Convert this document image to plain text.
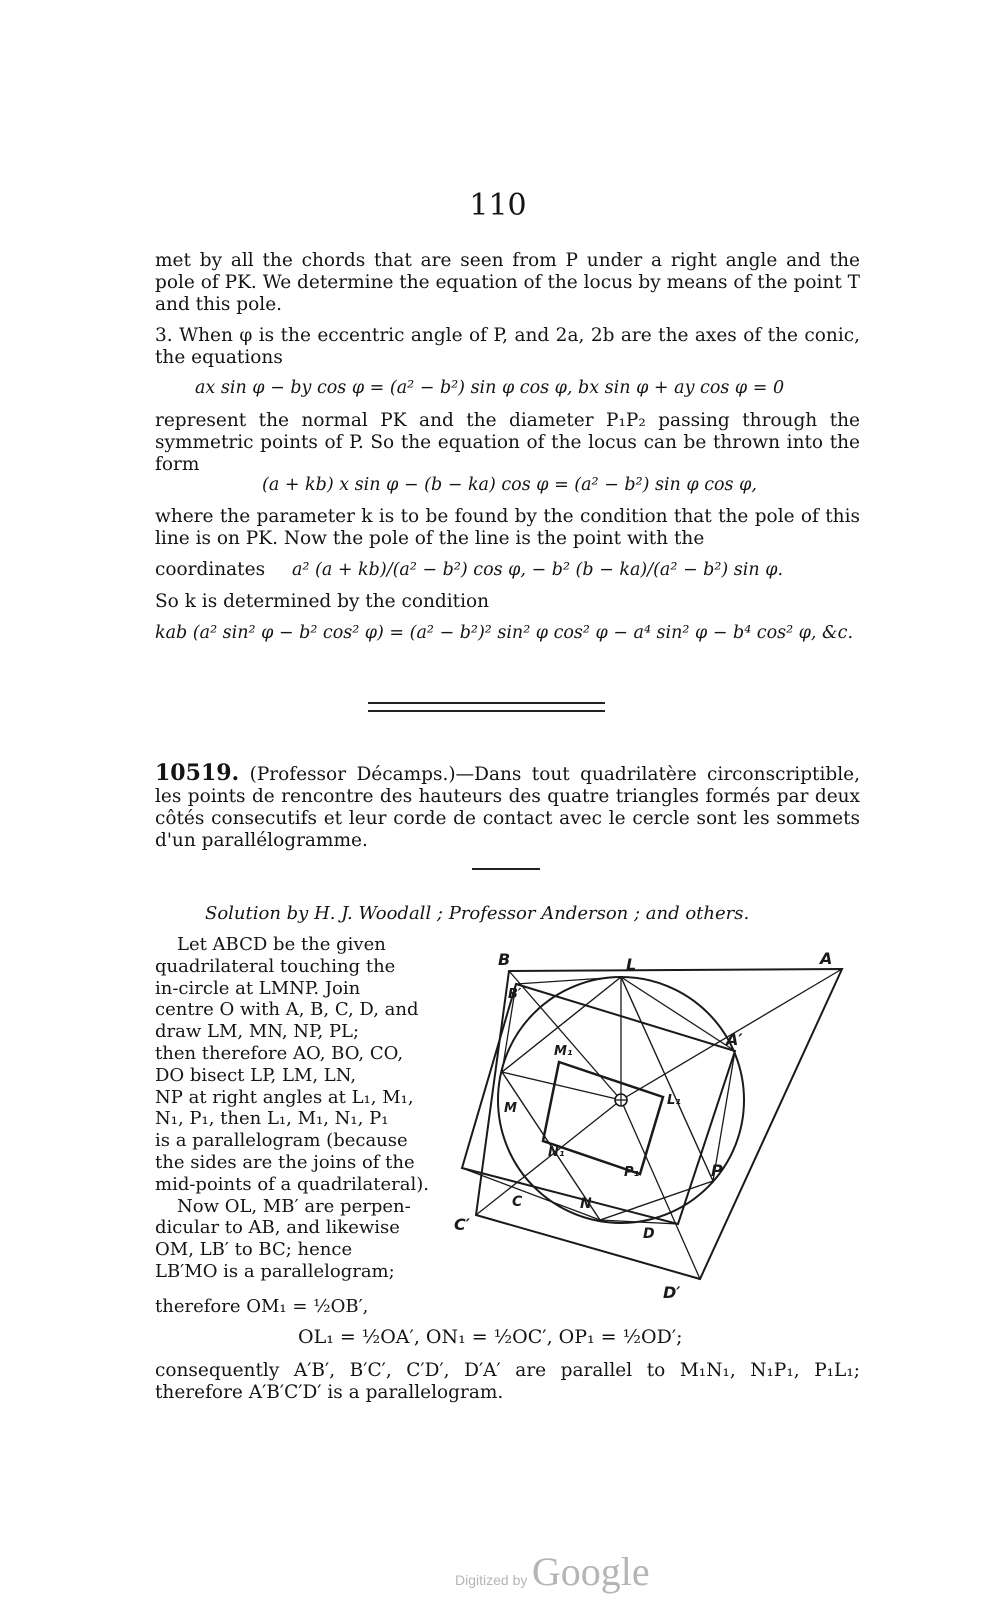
110
met by all the chords that are seen from P under a right angle and the pole of PK. We determine the equation of the locus by means of the point T and this pole.
3. When φ is the eccentric angle of P, and 2a, 2b are the axes of the conic, the equations
ax sin φ − by cos φ = (a² − b²) sin φ cos φ, bx sin φ + ay cos φ = 0
represent the normal PK and the diameter P₁P₂ passing through the symmetric points of P. So the equation of the locus can be thrown into the form
(a + kb) x sin φ − (b − ka) cos φ = (a² − b²) sin φ cos φ,
where the parameter k is to be found by the condition that the pole of this line is on PK. Now the pole of the line is the point with the
coordinates a² (a + kb)/(a² − b²) cos φ, − b² (b − ka)/(a² − b²) sin φ.
So k is determined by the condition
kab (a² sin² φ − b² cos² φ) = (a² − b²)² sin² φ cos² φ − a⁴ sin² φ − b⁴ cos² φ, &c.
10519. (Professor Décamps.)—Dans tout quadrilatère circonscriptible, les points de rencontre des hauteurs des quatre triangles formés par deux côtés consecutifs et leur corde de contact avec le cercle sont les sommets d'un parallélogramme.
Solution by H. J. Woodall ; Professor Anderson ; and others.
Let ABCD be the given
quadrilateral touching the
in-circle at LMNP. Join
centre O with A, B, C, D, and
draw LM, MN, NP, PL;
then therefore AO, BO, CO,
DO bisect LP, LM, LN,
NP at right angles at L₁, M₁,
N₁, P₁, then L₁, M₁, N₁, P₁
is a parallelogram (because
the sides are the joins of the
mid-points of a quadrilateral).
Now OL, MB′ are perpen-
dicular to AB, and likewise
OM, LB′ to BC; hence
LB′MO is a parallelogram;
therefore OM₁ = ½OB′,
OL₁ = ½OA′, ON₁ = ½OC′, OP₁ = ½OD′;
consequently A′B′, B′C′, C′D′, D′A′ are parallel to M₁N₁, N₁P₁, P₁L₁; therefore A′B′C′D′ is a parallelogram.
B	L	A
B′
A′
M₁
L₁
M
N₁
P₁	P
C	N
C′	D
D′
Digitized by Google
